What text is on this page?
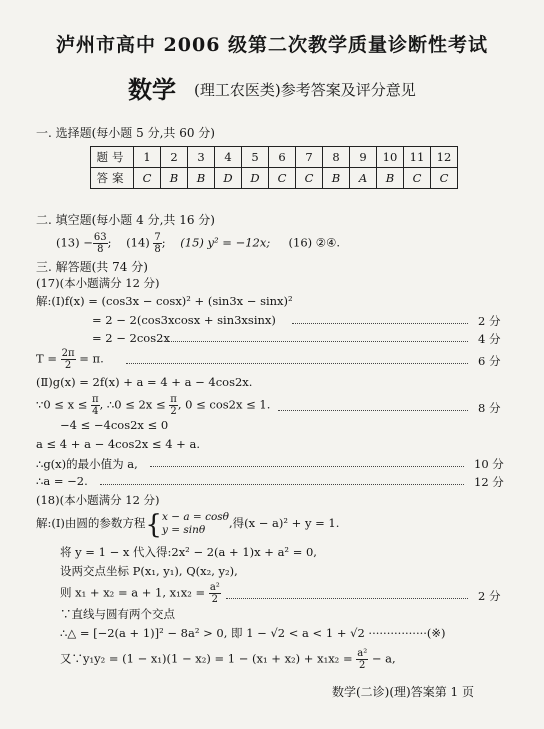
泸州市高中 2006 级第二次教学质量诊断性考试
数学 (理工农医类)参考答案及评分意见
一. 选择题(每小题 5 分,共 60 分)
题号	1	2	3	4	5	6	7	8	9	10	11	12
答案	C	B	B	D	D	C	C	B	A	B	C	C
二. 填空题(每小题 4 分,共 16 分)
$(13) - \frac{63}{8}$ ; $(14) \frac{7}{8}$ ; (15) y² = −12x; (16) ②④.
三. 解答题(共 74 分)
(17)(本小题满分 12 分)
解:(Ⅰ)f(x) = (cos3x − cosx)² + (sin3x − sinx)²
= 2 − 2(cos3xcosx + sin3xsinx)	2 分
= 2 − 2cos2x	4 分
$T = \frac{2\pi}{2} = \pi$.	6 分
(Ⅱ)g(x) = 2f(x) + a = 4 + a − 4cos2x.
∵0 ≤ $x \le \frac{\pi}{4}$ , ∴0 ≤ $2x \le \frac{\pi}{2}$ , 0 ≤ cos2x ≤ 1.	8 分
−4 ≤ −4cos2x ≤ 0
a ≤ 4 + a − 4cos2x ≤ 4 + a.
∴g(x)的最小值为 a,	10 分
∴a = −2.	12 分
(18)(本小题满分 12 分)
解:(Ⅰ)由圆的参数方程{ x − a = cosθ
y = sinθ	,得(x − a)² + y = 1.
将 y = 1 − x 代入得:2x² − 2(a + 1)x + a² = 0,
设两交点坐标 P(x₁, y₁), Q(x₂, y₂),
则 x₁ + x₂ = a + 1, $x_1x_2 = \frac{\text{a²}}{2}$	2 分
∵直线与圆有两个交点
∴△ = [−2(a + 1)]² − 8a² > 0, 即 1 − √2 < a < 1 + √2 ················(※)
又∵y₁y₂ = $(1 - x_1)(1 - x_2) = 1 - (x_1 + x_2) + x_1x_2 = \frac{\text{a²}}{2} - a$,
数学(二诊)(理)答案第 1 页
